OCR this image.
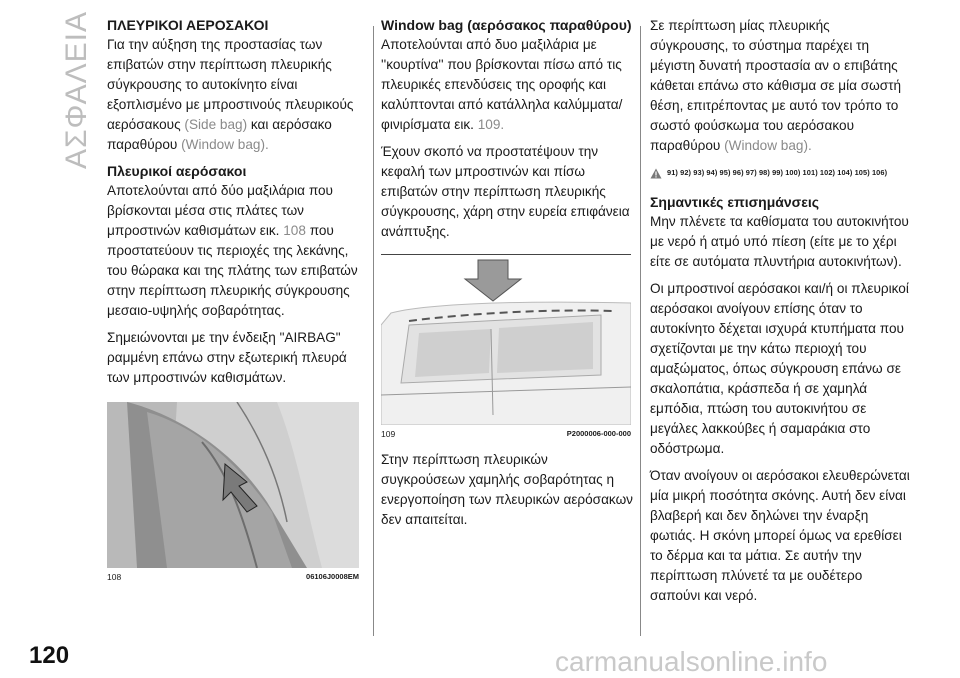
ΑΣΦΑΛΕΙΑ
120
ΠΛΕΥΡΙΚΟΙ ΑΕΡΟΣΑΚΟΙ

Για την αύξηση της προστασίας των επιβατών στην περίπτωση πλευρικής σύγκρουσης το αυτοκίνητο είναι εξοπλισμένο με μπροστινούς πλευρικούς αερόσακους (Side bag) και αερόσακο παραθύρου (Window bag).

Πλευρικοί αερόσακοι

Αποτελούνται από δύο μαξιλάρια που βρίσκονται μέσα στις πλάτες των μπροστινών καθισμάτων εικ. 108 που προστατεύουν τις περιοχές της λεκάνης, του θώρακα και της πλάτης των επιβατών στην περίπτωση πλευρικής σύγκρουσης μεσαιο-υψηλής σοβαρότητας.

Σημειώνονται με την ένδειξη "AIRBAG" ραμμένη επάνω στην εξωτερική πλευρά των μπροστινών καθισμάτων.

108	06106J0008EM
Window bag (αερόσακος παραθύρου)

Αποτελούνται από δυο μαξιλάρια με ''κουρτίνα'' που βρίσκονται πίσω από τις πλευρικές επενδύσεις της οροφής και καλύπτονται από κατάλληλα καλύμματα/φινιρίσματα εικ. 109.

Έχουν σκοπό να προστατέψουν την κεφαλή των μπροστινών και πίσω επιβατών στην περίπτωση πλευρικής σύγκρουσης, χάρη στην ευρεία επιφάνεια ανάπτυξης.

109	P2000006-000-000

Στην περίπτωση πλευρικών συγκρούσεων χαμηλής σοβαρότητας η ενεργοποίηση των πλευρικών αερόσακων δεν απαιτείται.

Σε περίπτωση μίας πλευρικής σύγκρουσης, το σύστημα παρέχει τη μέγιστη δυνατή προστασία αν ο επιβάτης κάθεται επάνω στο κάθισμα σε μία σωστή θέση, επιτρέποντας με αυτό τον τρόπο το σωστό φούσκωμα του αερόσακου παραθύρου (Window bag).

91) 92) 93) 94) 95) 96) 97) 98) 99) 100) 101) 102) 104) 105) 106)
Σημαντικές επισημάνσεις

Μην πλένετε τα καθίσματα του αυτοκινήτου με νερό ή ατμό υπό πίεση (είτε με το χέρι είτε σε αυτόματα πλυντήρια αυτοκινήτων).

Οι μπροστινοί αερόσακοι και/ή οι πλευρικοί αερόσακοι ανοίγουν επίσης όταν το αυτοκίνητο δέχεται ισχυρά κτυπήματα που σχετίζονται με την κάτω περιοχή του αμαξώματος, όπως σύγκρουση επάνω σε σκαλοπάτια, κράσπεδα ή σε χαμηλά εμπόδια, πτώση του αυτοκινήτου σε μεγάλες λακκούβες ή σαμαράκια στο οδόστρωμα.

Όταν ανοίγουν οι αερόσακοι ελευθερώνεται μία μικρή ποσότητα σκόνης. Αυτή δεν είναι βλαβερή και δεν δηλώνει την έναρξη φωτιάς. Η σκόνη μπορεί όμως να ερεθίσει το δέρμα και τα μάτια. Σε αυτήν την περίπτωση πλύνετέ τα με ουδέτερο σαπούνι και νερό.

carmanualsonline.info
